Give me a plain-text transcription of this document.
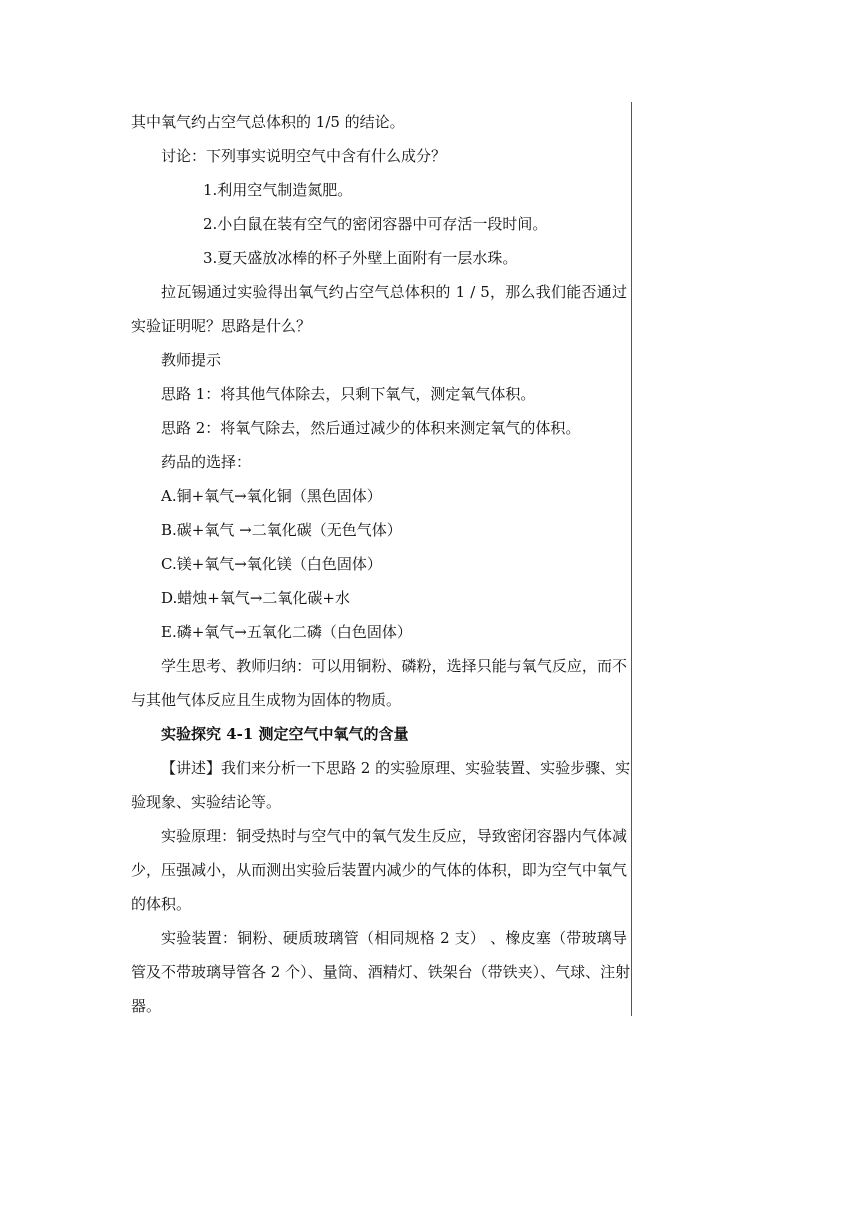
其中氧气约占空气总体积的 1/5 的结论。
讨论：下列事实说明空气中含有什么成分？
1.利用空气制造氮肥。
2.小白鼠在装有空气的密闭容器中可存活一段时间。
3.夏天盛放冰棒的杯子外壁上面附有一层水珠。
拉瓦锡通过实验得出氧气约占空气总体积的 1 / 5，那么我们能否通过
实验证明呢？思路是什么？
教师提示
思路 1：将其他气体除去，只剩下氧气，测定氧气体积。
思路 2：将氧气除去，然后通过减少的体积来测定氧气的体积。
药品的选择：
A.铜+氧气→氧化铜（黑色固体）
B.碳+氧气 →二氧化碳（无色气体）
C.镁+氧气→氧化镁（白色固体）
D.蜡烛+氧气→二氧化碳+水
E.磷+氧气→五氧化二磷（白色固体）
学生思考、教师归纳：可以用铜粉、磷粉，选择只能与氧气反应，而不
与其他气体反应且生成物为固体的物质。
实验探究 4-1 测定空气中氧气的含量
【讲述】我们来分析一下思路 2 的实验原理、实验装置、实验步骤、实
验现象、实验结论等。
实验原理：铜受热时与空气中的氧气发生反应，导致密闭容器内气体减
少，压强减小，从而测出实验后装置内减少的气体的体积，即为空气中氧气
的体积。
实验装置：铜粉、硬质玻璃管（相同规格 2 支） 、橡皮塞（带玻璃导
管及不带玻璃导管各 2 个）、量筒、酒精灯、铁架台（带铁夹）、气球、注射
器。
